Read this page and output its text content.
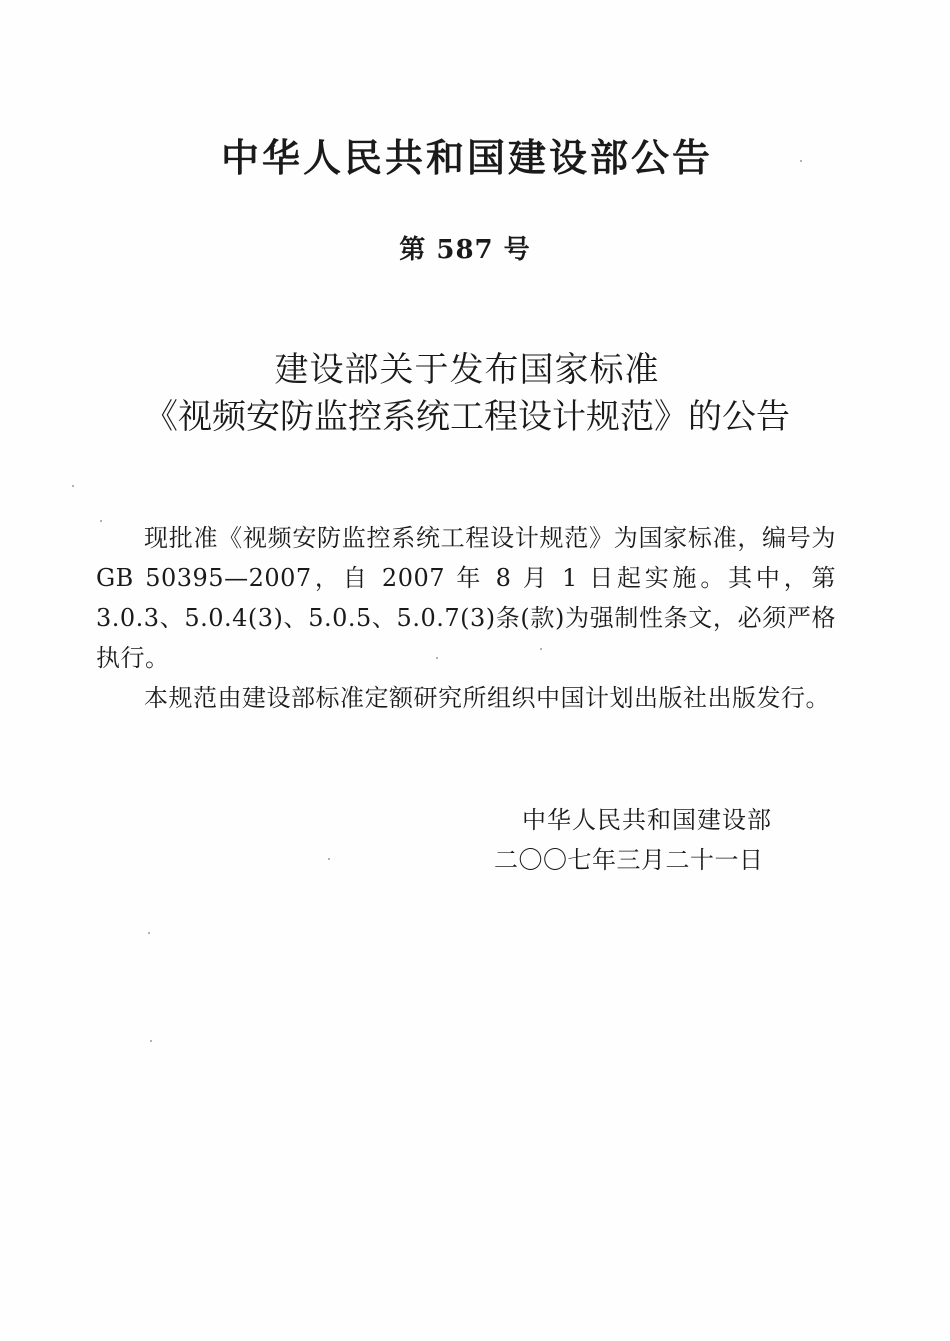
中华人民共和国建设部公告
第 587 号
建设部关于发布国家标准
《视频安防监控系统工程设计规范》的公告

现批准《视频安防监控系统工程设计规范》为国家标准，编号为GB 50395—2007，自 2007 年 8 月 1 日起实施。其中，第3.0.3、5.0.4(3)、5.0.5、5.0.7(3)条(款)为强制性条文，必须严格执行。

本规范由建设部标准定额研究所组织中国计划出版社出版发行。

中华人民共和国建设部
二〇〇七年三月二十一日
